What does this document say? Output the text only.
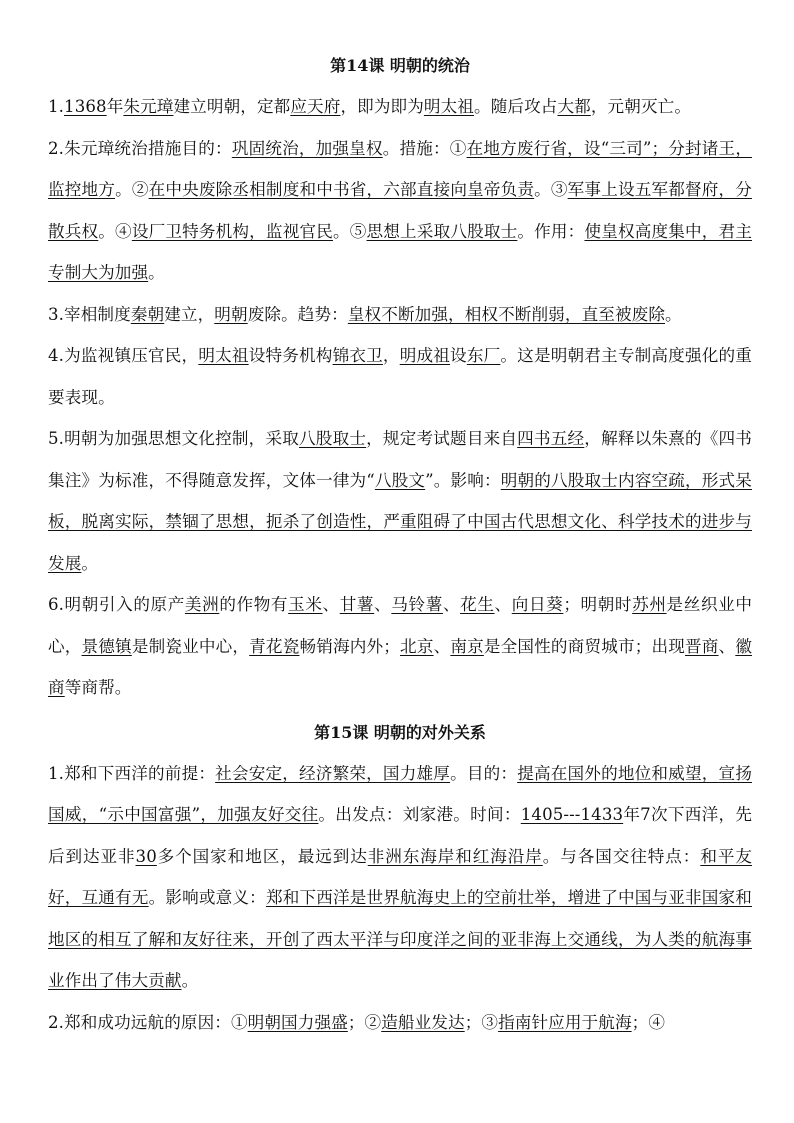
第14课 明朝的统治

1.1368年朱元璋建立明朝，定都应天府，即为即为明太祖。随后攻占大都，元朝灭亡。

2.朱元璋统治措施目的：巩固统治，加强皇权。措施：①在地方废行省，设“三司”；分封诸王，监控地方。②在中央废除丞相制度和中书省，六部直接向皇帝负责。③军事上设五军都督府，分散兵权。④设厂卫特务机构，监视官民。⑤思想上采取八股取士。作用：使皇权高度集中，君主专制大为加强。

3.宰相制度秦朝建立，明朝废除。趋势：皇权不断加强，相权不断削弱，直至被废除。

4.为监视镇压官民，明太祖设特务机构锦衣卫，明成祖设东厂。这是明朝君主专制高度强化的重要表现。

5.明朝为加强思想文化控制，采取八股取士，规定考试题目来自四书五经，解释以朱熹的《四书集注》为标准，不得随意发挥，文体一律为“八股文”。影响：明朝的八股取士内容空疏，形式呆板，脱离实际，禁锢了思想，扼杀了创造性，严重阻碍了中国古代思想文化、科学技术的进步与发展。

6.明朝引入的原产美洲的作物有玉米、甘薯、马铃薯、花生、向日葵；明朝时苏州是丝织业中心，景德镇是制瓷业中心，青花瓷畅销海内外；北京、南京是全国性的商贸城市；出现晋商、徽商等商帮。

第15课 明朝的对外关系

1.郑和下西洋的前提：社会安定，经济繁荣，国力雄厚。目的：提高在国外的地位和威望，宣扬国威，“示中国富强”，加强友好交往。出发点：刘家港。时间：1405---1433年7次下西洋，先后到达亚非30多个国家和地区，最远到达非洲东海岸和红海沿岸。与各国交往特点：和平友好，互通有无。影响或意义：郑和下西洋是世界航海史上的空前壮举，增进了中国与亚非国家和地区的相互了解和友好往来，开创了西太平洋与印度洋之间的亚非海上交通线，为人类的航海事业作出了伟大贡献。

2.郑和成功远航的原因：①明朝国力强盛；②造船业发达；③指南针应用于航海；④
